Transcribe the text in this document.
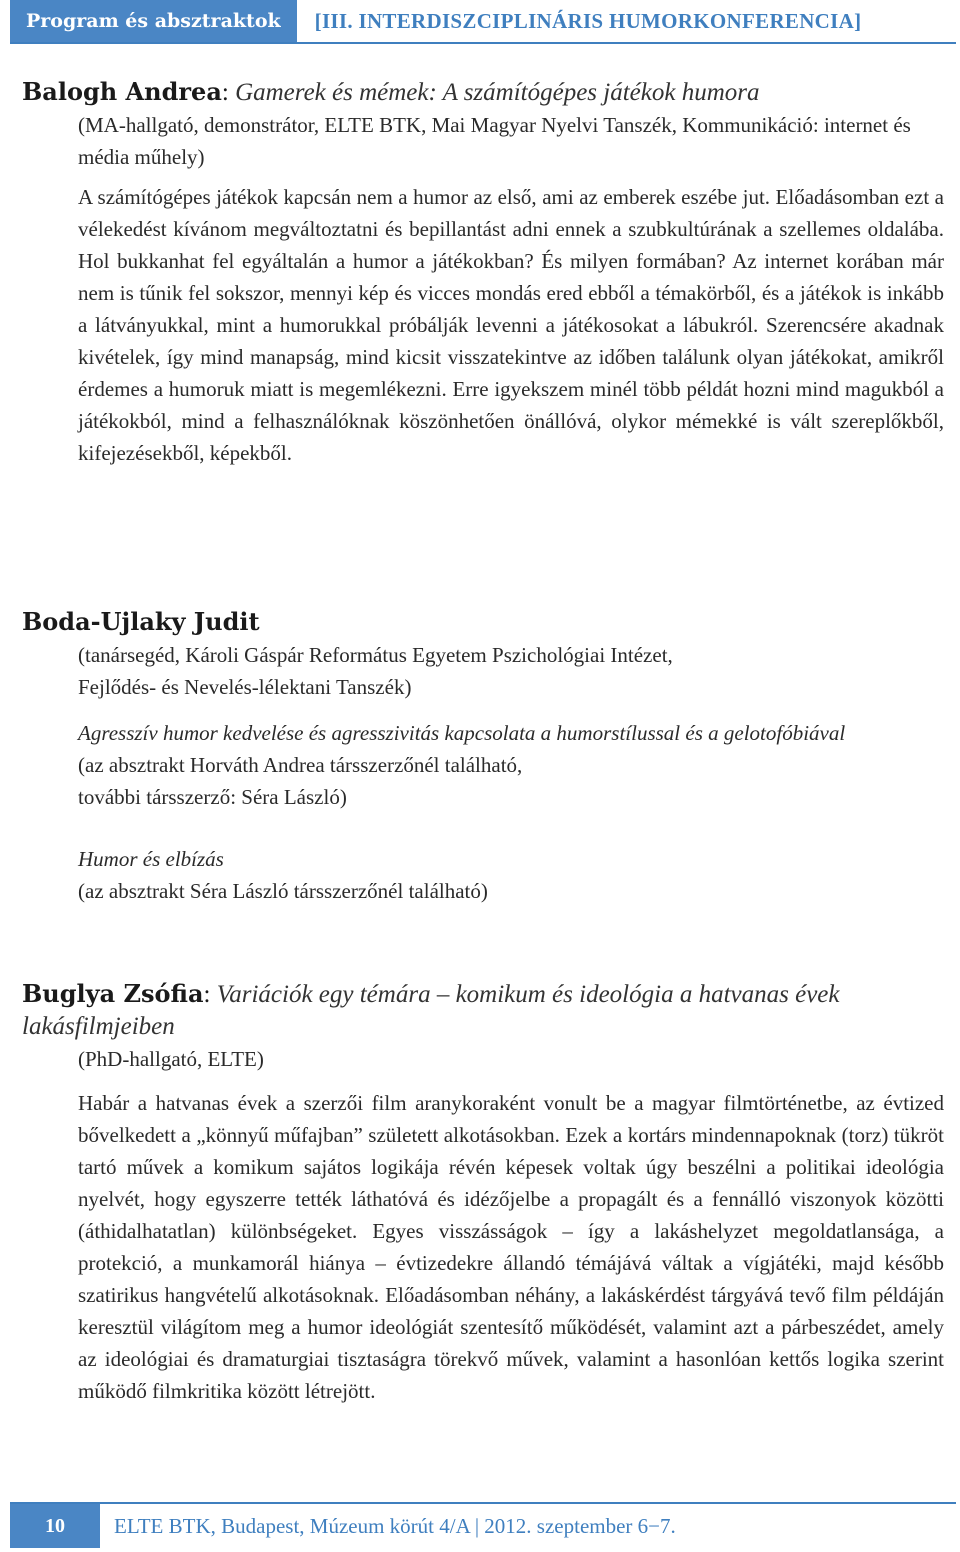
Program és absztraktok	[III. INTERDISZCIPLINÁRIS HUMORKONFERENCIA]
Balogh Andrea: Gamerek és mémek: A számítógépes játékok humora
(MA-hallgató, demonstrátor, ELTE BTK, Mai Magyar Nyelvi Tanszék, Kommunikáció: internet és média műhely)
A számítógépes játékok kapcsán nem a humor az első, ami az emberek eszébe jut. Előadásomban ezt a vélekedést kívánom megváltoztatni és bepillantást adni ennek a szubkultúrának a szellemes oldalába. Hol bukkanhat fel egyáltalán a humor a játékokban? És milyen formában? Az internet korában már nem is tűnik fel sokszor, mennyi kép és vicces mondás ered ebből a témakörből, és a játékok is inkább a látványukkal, mint a humorukkal próbálják levenni a játékosokat a lábukról. Szerencsére akadnak kivételek, így mind manapság, mind kicsit visszatekintve az időben találunk olyan játékokat, amikről érdemes a humoruk miatt is megemlékezni. Erre igyekszem minél több példát hozni mind magukból a játékokból, mind a felhasználóknak köszönhetően önállóvá, olykor mémekké is vált szereplőkből, kifejezésekből, képekből.
Boda-Ujlaky Judit
(tanársegéd, Károli Gáspár Református Egyetem Pszichológiai Intézet,
Fejlődés- és Nevelés-lélektani Tanszék)
Agresszív humor kedvelése és agresszivitás kapcsolata a humorstílussal és a gelotofóbiával
(az absztrakt Horváth Andrea társszerzőnél található,
további társszerző: Séra László)
Humor és elbízás
(az absztrakt Séra László társszerzőnél található)
Buglya Zsófia: Variációk egy témára – komikum és ideológia a hatvanas évek lakásfilmjeiben
(PhD-hallgató, ELTE)
Habár a hatvanas évek a szerzői film aranykoraként vonult be a magyar filmtörténetbe, az évtized bővelkedett a „könnyű műfajban” született alkotásokban. Ezek a kortárs mindennapoknak (torz) tükröt tartó művek a komikum sajátos logikája révén képesek voltak úgy beszélni a politikai ideológia nyelvét, hogy egyszerre tették láthatóvá és idézőjelbe a propagált és a fennálló viszonyok közötti (áthidalhatatlan) különbségeket. Egyes visszásságok – így a lakáshelyzet megoldatlansága, a protekció, a munkamorál hiánya – évtizedekre állandó témájává váltak a vígjátéki, majd később szatirikus hangvételű alkotásoknak. Előadásomban néhány, a lakáskérdést tárgyává tevő film példáján keresztül világítom meg a humor ideológiát szentesítő működését, valamint azt a párbeszédet, amely az ideológiai és dramaturgiai tisztaságra törekvő művek, valamint a hasonlóan kettős logika szerint működő filmkritika között létrejött.
10	ELTE BTK, Budapest, Múzeum körút 4/A | 2012. szeptember 6−7.
